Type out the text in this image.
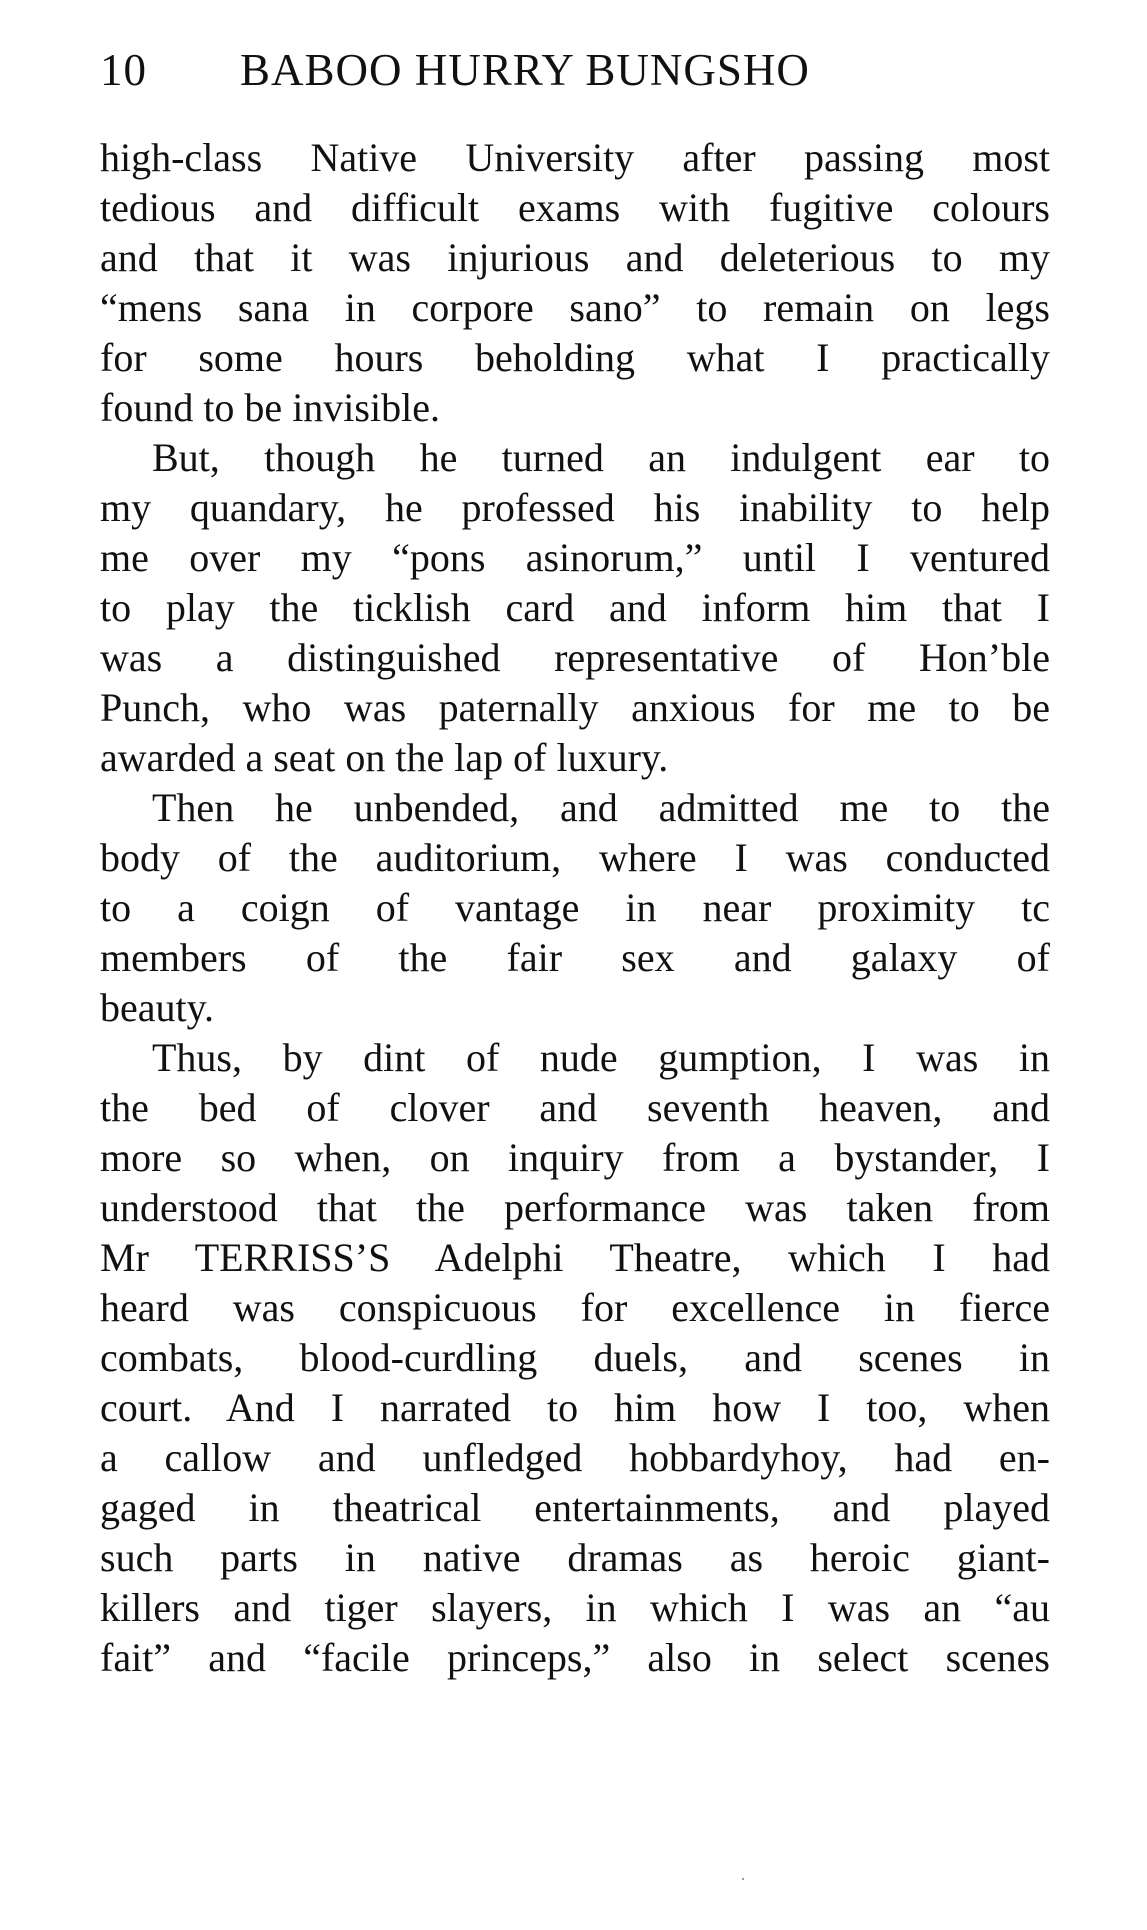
10 BABOO HURRY BUNGSHO
high-class Native University after passing most
tedious and difficult exams with fugitive colours
and that it was injurious and deleterious to my
“mens sana in corpore sano” to remain on legs
for some hours beholding what I practically
found to be invisible.
But, though he turned an indulgent ear to
my quandary, he professed his inability to help
me over my “pons asinorum,” until I ventured
to play the ticklish card and inform him that I
was a distinguished representative of Hon’ble
Punch, who was paternally anxious for me to be
awarded a seat on the lap of luxury.
Then he unbended, and admitted me to the
body of the auditorium, where I was conducted
to a coign of vantage in near proximity tc
members of the fair sex and galaxy of
beauty.
Thus, by dint of nude gumption, I was in
the bed of clover and seventh heaven, and
more so when, on inquiry from a bystander, I
understood that the performance was taken from
Mr TERRISS’S Adelphi Theatre, which I had
heard was conspicuous for excellence in fierce
combats, blood-curdling duels, and scenes in
court. And I narrated to him how I too, when
a callow and unfledged hobbardyhoy, had en-
gaged in theatrical entertainments, and played
such parts in native dramas as heroic giant-
killers and tiger slayers, in which I was an “au
fait” and “facile princeps,” also in select scenes
